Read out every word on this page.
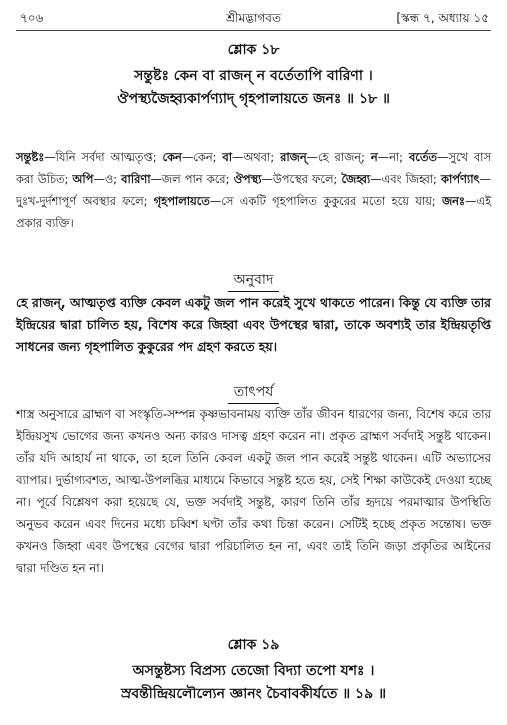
৭০৬	শ্রীমদ্ভাগবত	[স্কন্ধ ৭, অধ্যায় ১৫
শ্লোক ১৮
সন্তুষ্টঃ কেন বা রাজন্ ন বর্তেতাপি বারিণা ।
ঔপস্থ্যজৈহ্ব্যকার্পণ্যাদ্ গৃহপালায়তে জনঃ ॥ ১৮ ॥
সন্তুষ্টঃ—যিনি সর্বদা আত্মতৃপ্ত; কেন—কেন; বা—অথবা; রাজন্—হে রাজন্; ন—না; বর্তেত—সুখে বাস করা উচিত; অপি—ও; বারিণা—জল পান করে; ঔপস্থ্য—উপস্থের ফলে; জৈহ্ব্য—এবং জিহ্বা; কার্পণ্যাৎ—দুঃখ-দুর্দশাপূর্ণ অবস্থার ফলে; গৃহপালায়তে—সে একটি গৃহপালিত কুকুরের মতো হয়ে যায়; জনঃ—এই প্রকার ব্যক্তি।
অনুবাদ
হে রাজন্, আত্মতৃপ্ত ব্যক্তি কেবল একটু জল পান করেই সুখে থাকতে পারেন। কিন্তু যে ব্যক্তি তার ইন্দ্রিয়ের দ্বারা চালিত হয়, বিশেষ করে জিহ্বা এবং উপস্থের দ্বারা, তাকে অবশ্যই তার ইন্দ্রিয়তৃপ্তি সাধনের জন্য গৃহপালিত কুকুরের পদ গ্রহণ করতে হয়।
তাৎপর্য
শাস্ত্র অনুসারে ব্রাহ্মণ বা সংস্কৃতি-সম্পন্ন কৃষ্ণভাবনাময় ব্যক্তি তাঁর জীবন ধারণের জন্য, বিশেষ করে তার ইন্দ্রিয়সুখ ভোগের জন্য কখনও অন্য কারও দাসত্ব গ্রহণ করেন না। প্রকৃত ব্রাহ্মণ সর্বদাই সন্তুষ্ট থাকেন। তাঁর যদি আহার্য না থাকে, তা হলে তিনি কেবল একটু জল পান করেই সন্তুষ্ট থাকেন। এটি অভ্যাসের ব্যাপার। দুর্ভাগ্যবশত, আত্ম-উপলব্ধির মাধ্যমে কিভাবে সন্তুষ্ট হতে হয়, সেই শিক্ষা কাউকেই দেওয়া হচ্ছে না। পূর্বে বিশ্লেষণ করা হয়েছে যে, ভক্ত সর্বদাই সন্তুষ্ট, কারণ তিনি তাঁর হৃদয়ে পরমাত্মার উপস্থিতি অনুভব করেন এবং দিনের মধ্যে চব্বিশ ঘণ্টা তাঁর কথা চিন্তা করেন। সেটিই হচ্ছে প্রকৃত সন্তোষ। ভক্ত কখনও জিহ্বা এবং উপস্থের বেগের দ্বারা পরিচালিত হন না, এবং তাই তিনি জড়া প্রকৃতির আইনের দ্বারা দণ্ডিত হন না।
শ্লোক ১৯
অসন্তুষ্টস্য বিপ্রস্য তেজো বিদ্যা তপো যশঃ ।
স্রবন্তীন্দ্রিয়লৌল্যেন জ্ঞানং চৈবাবকীর্যতে ॥ ১৯ ॥
